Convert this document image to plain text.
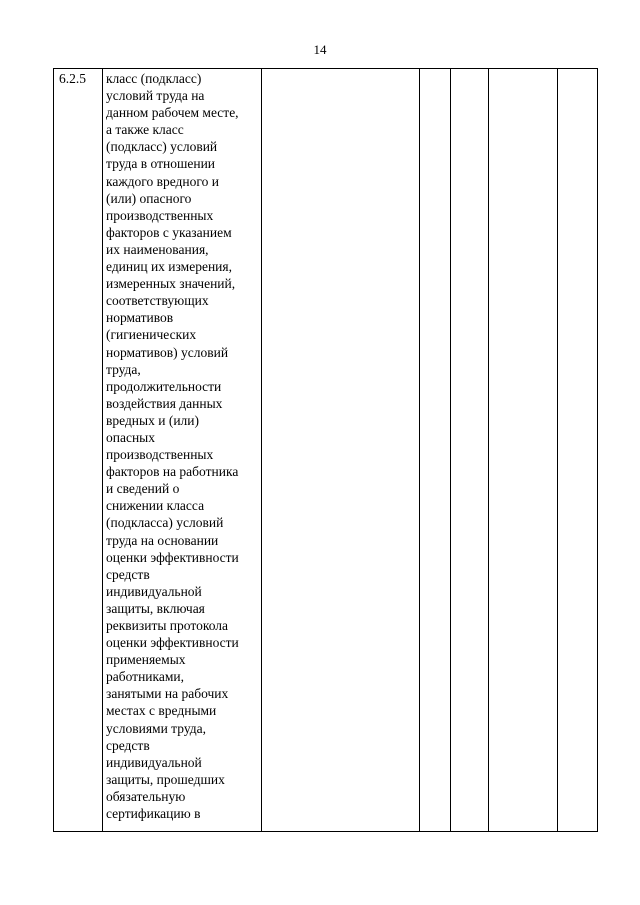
14
6.2.5	класс (подкласс)
условий труда на
данном рабочем месте,
а также класс
(подкласс) условий
труда в отношении
каждого вредного и
(или) опасного
производственных
факторов с указанием
их наименования,
единиц их измерения,
измеренных значений,
соответствующих
нормативов
(гигиенических
нормативов) условий
труда,
продолжительности
воздействия данных
вредных и (или)
опасных
производственных
факторов на работника
и сведений о
снижении класса
(подкласса) условий
труда на основании
оценки эффективности
средств
индивидуальной
защиты, включая
реквизиты протокола
оценки эффективности
применяемых
работниками,
занятыми на рабочих
местах с вредными
условиями труда,
средств
индивидуальной
защиты, прошедших
обязательную
сертификацию в
